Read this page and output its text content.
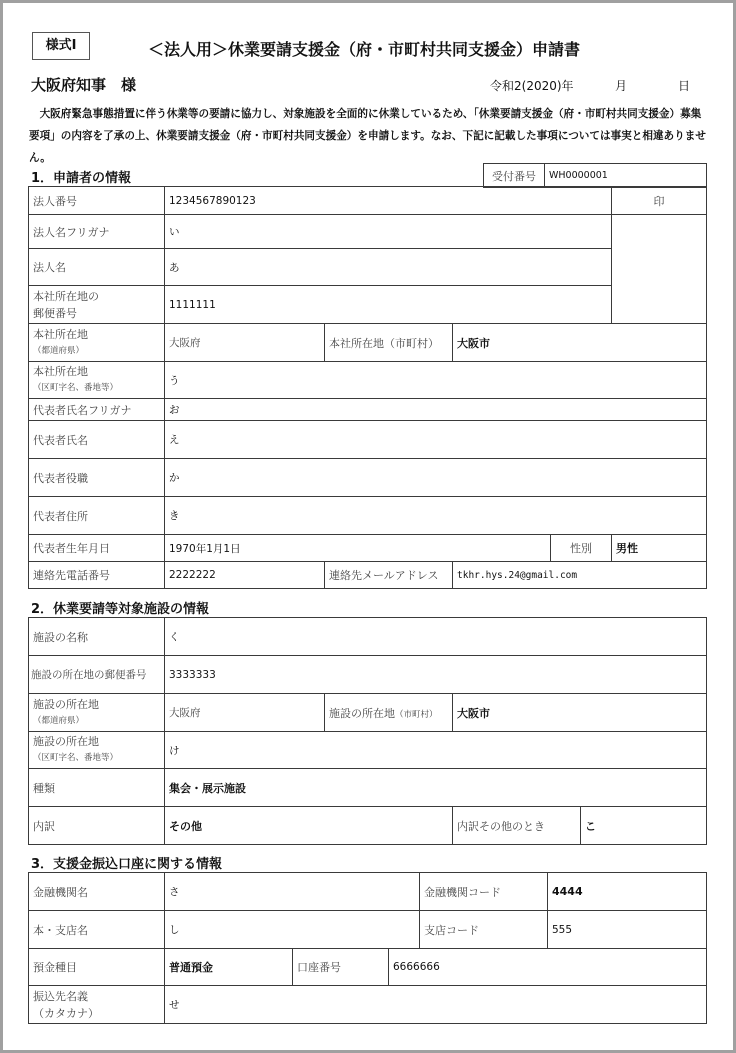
様式Ⅰ	＜法人用＞休業要請支援金（府・市町村共同支援金）申請書
大阪府知事　様	令和2(2020)年	月	日
　大阪府緊急事態措置に伴う休業等の要請に協力し、対象施設を全面的に休業しているため、「休業要請支援金（府・市町村共同支援金）募集要項」の内容を了承の上、休業要請支援金（府・市町村共同支援金）を申請します。なお、下記に記載した事項については事実と相違ありません。
1．申請者の情報	受付番号	WH0000001
法人番号	1234567890123				印
法人名フリガナ	い				
法人名	あ				

本社所在地の
郵便番号	1111111				

本社所在地
（都道府県）	大阪府	本社所在地（市町村）	大阪市		

本社所在地
（区町字名、番地等）	う				
代表者氏名フリガナ	お				
代表者氏名	え				
代表者役職	か				
代表者住所	き				
代表者生年月日	1970年1月1日			性別	男性
連絡先電話番号	2222222	連絡先メールアドレス	tkhr.hys.24@gmail.com		
2．休業要請等対象施設の情報
施設の名称	く			
施設の所在地の郵便番号	3333333			

施設の所在地
（都道府県）	大阪府	施設の所在地（市町村）	大阪市	

施設の所在地
（区町字名、番地等）	け			
種類	集会・展示施設			
内訳	その他		内訳その他のとき	こ
3．支援金振込口座に関する情報
金融機関名	さ			金融機関コード	4444
本・支店名	し			支店コード	555
預金種目	普通預金	口座番号	6666666		

振込先名義
（カタカナ）	せ				
